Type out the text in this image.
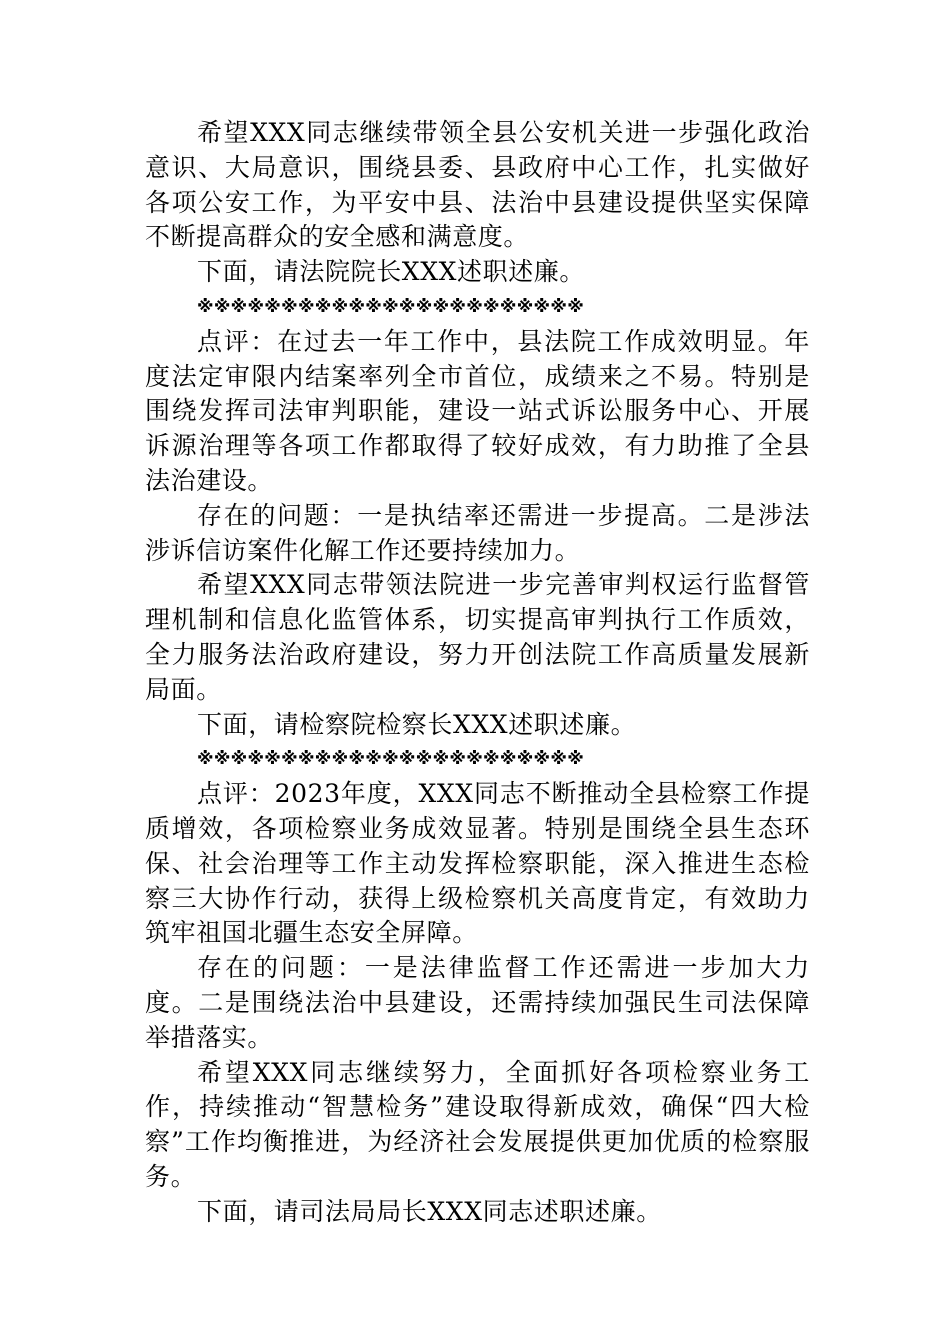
希望XXX同志继续带领全县公安机关进一步强化政治意识、大局意识，围绕县委、县政府中心工作，扎实做好各项公安工作，为平安中县、法治中县建设提供坚实保障不断提高群众的安全感和满意度。

下面，请法院院长XXX述职述廉。

※※※※※※※※※※※※※※※※※※※※※※※

点评：在过去一年工作中，县法院工作成效明显。年度法定审限内结案率列全市首位，成绩来之不易。特别是围绕发挥司法审判职能，建设一站式诉讼服务中心、开展诉源治理等各项工作都取得了较好成效，有力助推了全县法治建设。

存在的问题：一是执结率还需进一步提高。二是涉法涉诉信访案件化解工作还要持续加力。

希望XXX同志带领法院进一步完善审判权运行监督管理机制和信息化监管体系，切实提高审判执行工作质效，全力服务法治政府建设，努力开创法院工作高质量发展新局面。

下面，请检察院检察长XXX述职述廉。

※※※※※※※※※※※※※※※※※※※※※※※

点评：2023年度，XXX同志不断推动全县检察工作提质增效，各项检察业务成效显著。特别是围绕全县生态环保、社会治理等工作主动发挥检察职能，深入推进生态检察三大协作行动，获得上级检察机关高度肯定，有效助力筑牢祖国北疆生态安全屏障。

存在的问题：一是法律监督工作还需进一步加大力度。二是围绕法治中县建设，还需持续加强民生司法保障举措落实。

希望XXX同志继续努力，全面抓好各项检察业务工作，持续推动“智慧检务”建设取得新成效，确保“四大检察”工作均衡推进，为经济社会发展提供更加优质的检察服务。

下面，请司法局局长XXX同志述职述廉。
